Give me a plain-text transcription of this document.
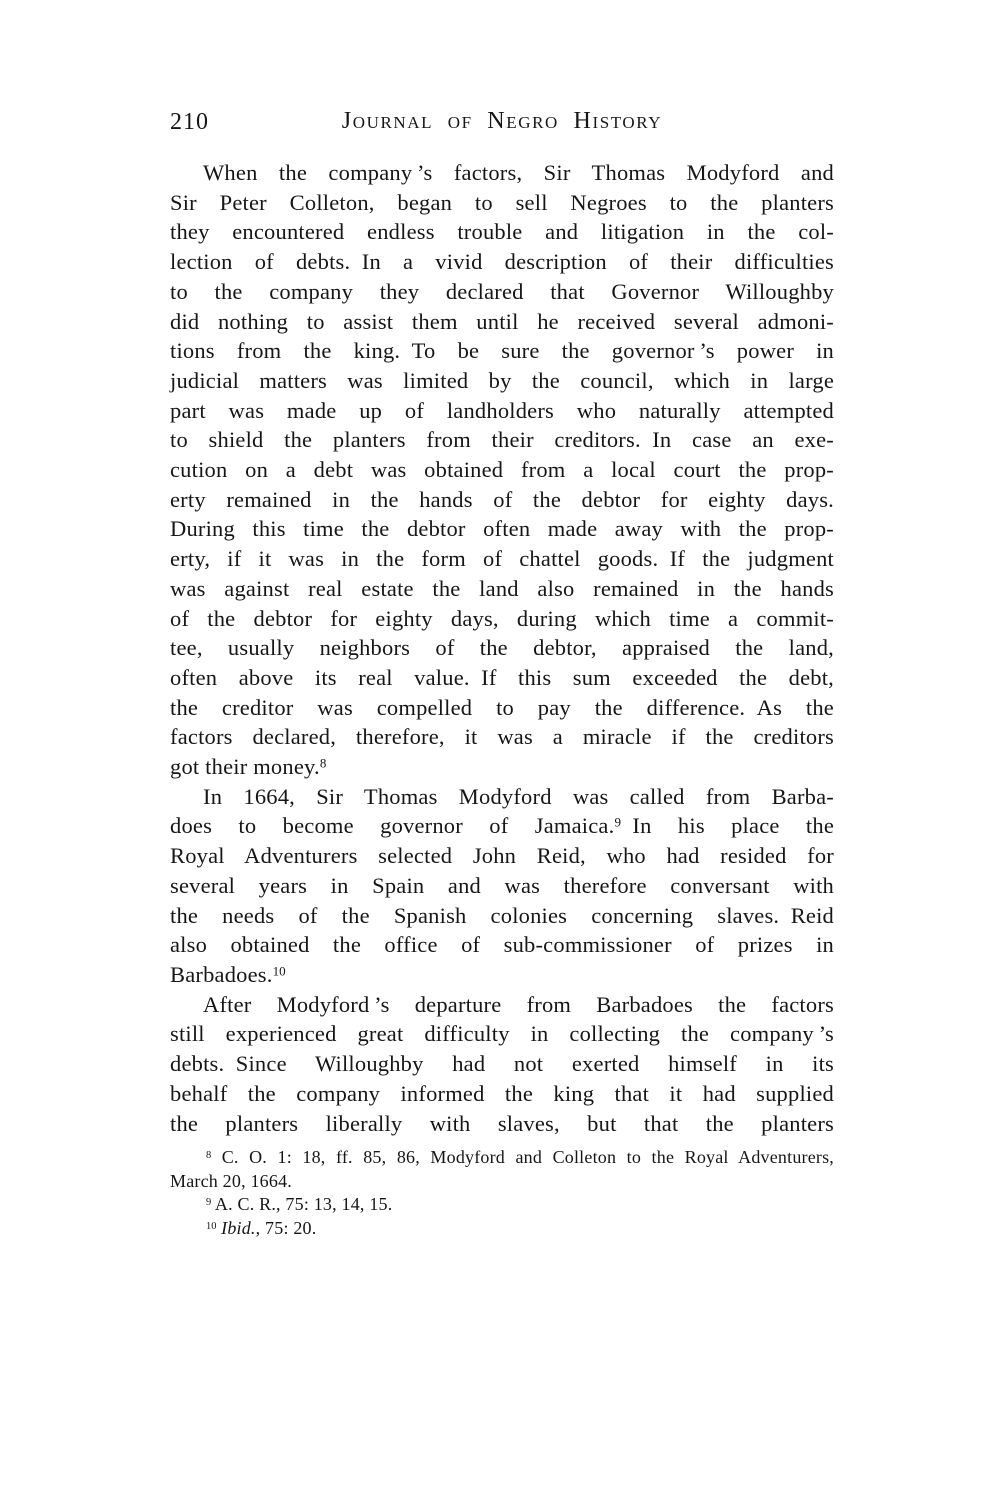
210	Journal of Negro History
When the company ’s factors, Sir Thomas Modyford and
Sir Peter Colleton, began to sell Negroes to the planters
they encountered endless trouble and litigation in the col-
lection of debts. In a vivid description of their difficulties
to the company they declared that Governor Willoughby
did nothing to assist them until he received several admoni-
tions from the king. To be sure the governor ’s power in
judicial matters was limited by the council, which in large
part was made up of landholders who naturally attempted
to shield the planters from their creditors. In case an exe-
cution on a debt was obtained from a local court the prop-
erty remained in the hands of the debtor for eighty days.
During this time the debtor often made away with the prop-
erty, if it was in the form of chattel goods. If the judgment
was against real estate the land also remained in the hands
of the debtor for eighty days, during which time a commit-
tee, usually neighbors of the debtor, appraised the land,
often above its real value. If this sum exceeded the debt,
the creditor was compelled to pay the difference. As the
factors declared, therefore, it was a miracle if the creditors
got their money.$^8$
In 1664, Sir Thomas Modyford was called from Barba-
does to become governor of Jamaica.$^9$ In his place the
Royal Adventurers selected John Reid, who had resided for
several years in Spain and was therefore conversant with
the needs of the Spanish colonies concerning slaves. Reid
also obtained the office of sub-commissioner of prizes in
Barbadoes.$^{10}$
After Modyford ’s departure from Barbadoes the factors
still experienced great difficulty in collecting the company ’s
debts. Since Willoughby had not exerted himself in its
behalf the company informed the king that it had supplied
the planters liberally with slaves, but that the planters
$^8$ C. O. 1: 18, ff. 85, 86, Modyford and Colleton to the Royal Adventurers,
March 20, 1664.
$^9$ A. C. R., 75: 13, 14, 15.
$^{10}$ Ibid., 75: 20.
